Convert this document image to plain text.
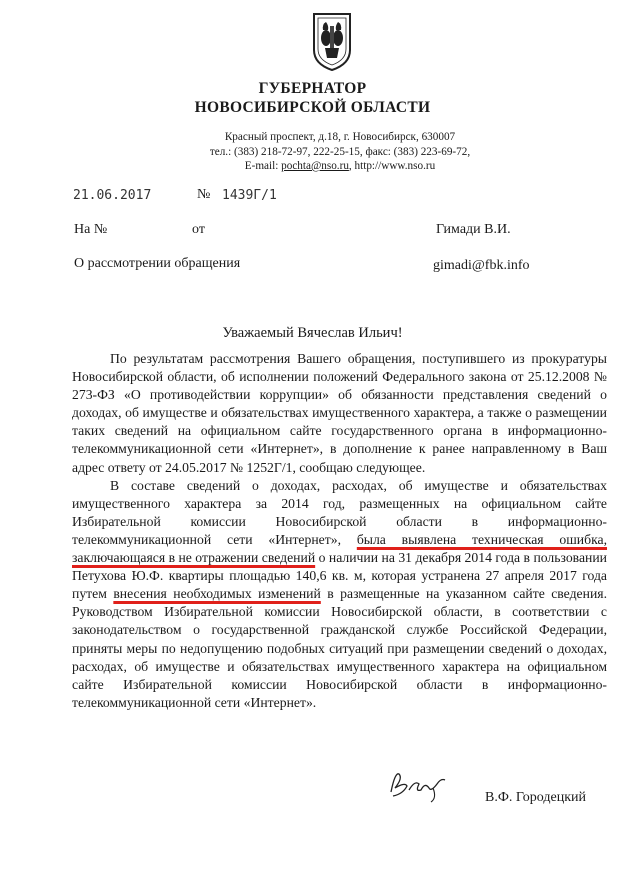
ГУБЕРНАТОР
НОВОСИБИРСКОЙ ОБЛАСТИ
Красный проспект, д.18, г. Новосибирск, 630007
тел.: (383) 218-72-97, 222-25-15, факс: (383) 223-69-72,
E-mail: pochta@nso.ru, http://www.nso.ru
21.06.2017	№ 1439Г/1
На №	от	Гимади В.И.
О рассмотрении обращения	gimadi@fbk.info
Уважаемый Вячеслав Ильич!

По результатам рассмотрения Вашего обращения, поступившего из прокуратуры Новосибирской области, об исполнении положений Федерального закона от 25.12.2008 № 273-ФЗ «О противодействии коррупции» об обязанности представления сведений о доходах, об имуществе и обязательствах имущественного характера, а также о размещении таких сведений на официальном сайте государственного органа в информационно-телекоммуникационной сети «Интернет», в дополнение к ранее направленному в Ваш адрес ответу от 24.05.2017 № 1252Г/1, сообщаю следующее.

В составе сведений о доходах, расходах, об имуществе и обязательствах имущественного характера за 2014 год, размещенных на официальном сайте Избирательной комиссии Новосибирской области в информационно-телекоммуникационной сети «Интернет», была выявлена техническая ошибка, заключающаяся в не отражении сведений о наличии на 31 декабря 2014 года в пользовании Петухова Ю.Ф. квартиры площадью 140,6 кв. м, которая устранена 27 апреля 2017 года путем внесения необходимых изменений в размещенные на указанном сайте сведения. Руководством Избирательной комиссии Новосибирской области, в соответствии с законодательством о государственной гражданской службе Российской Федерации, приняты меры по недопущению подобных ситуаций при размещении сведений о доходах, расходах, об имуществе и обязательствах имущественного характера на официальном сайте Избирательной комиссии Новосибирской области в информационно-телекоммуникационной сети «Интернет».

В.Ф. Городецкий
